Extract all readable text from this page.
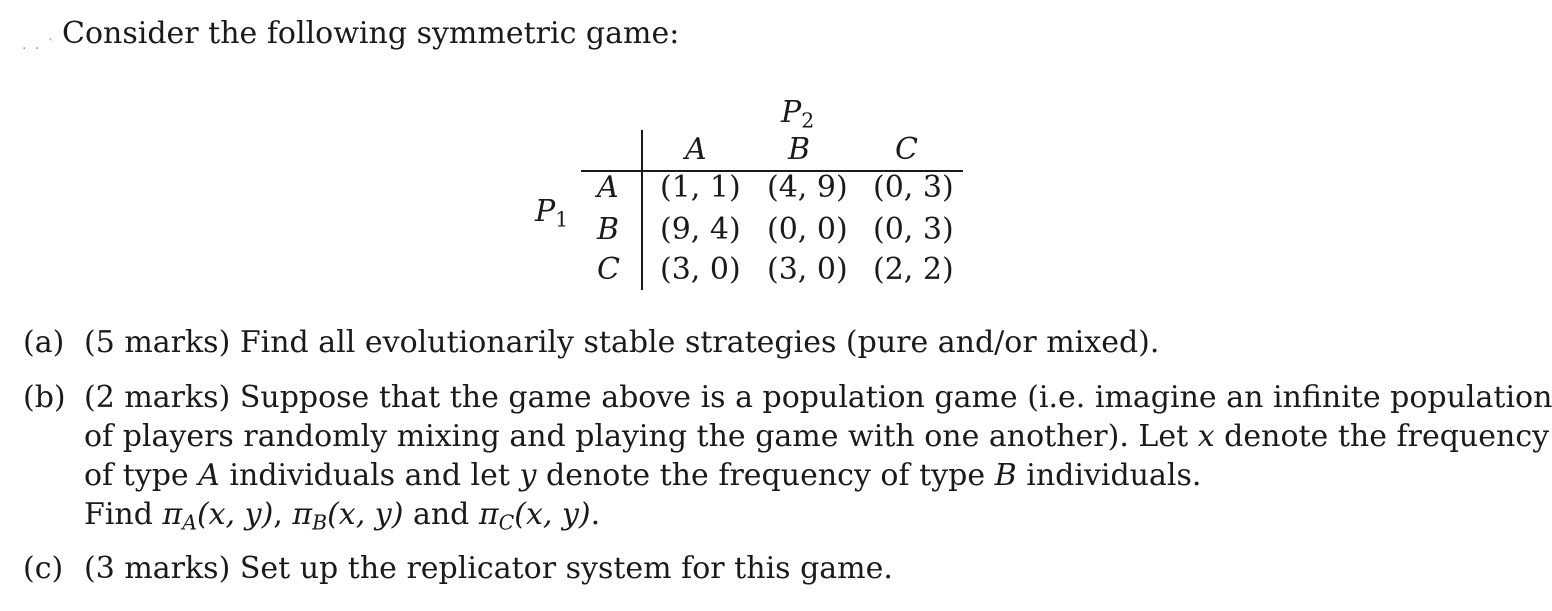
. . ` Consider the following symmetric game:
$P_2$
A	B	C
$P_1$
A
B
C
(1, 1) (4, 9) (0, 3)
(9, 4) (0, 0) (0, 3)
(3, 0) (3, 0) (2, 2)
(a) (5 marks) Find all evolutionarily stable strategies (pure and/or mixed).
(b) (2 marks) Suppose that the game above is a population game (i.e. imagine an infinite population
of players randomly mixing and playing the game with one another). Let x denote the frequency
of type A individuals and let y denote the frequency of type B individuals.
Find $\pi_A(x$, y), $\pi_B(x$, y) and $\pi_C(x$, y).
(c) (3 marks) Set up the replicator system for this game.
